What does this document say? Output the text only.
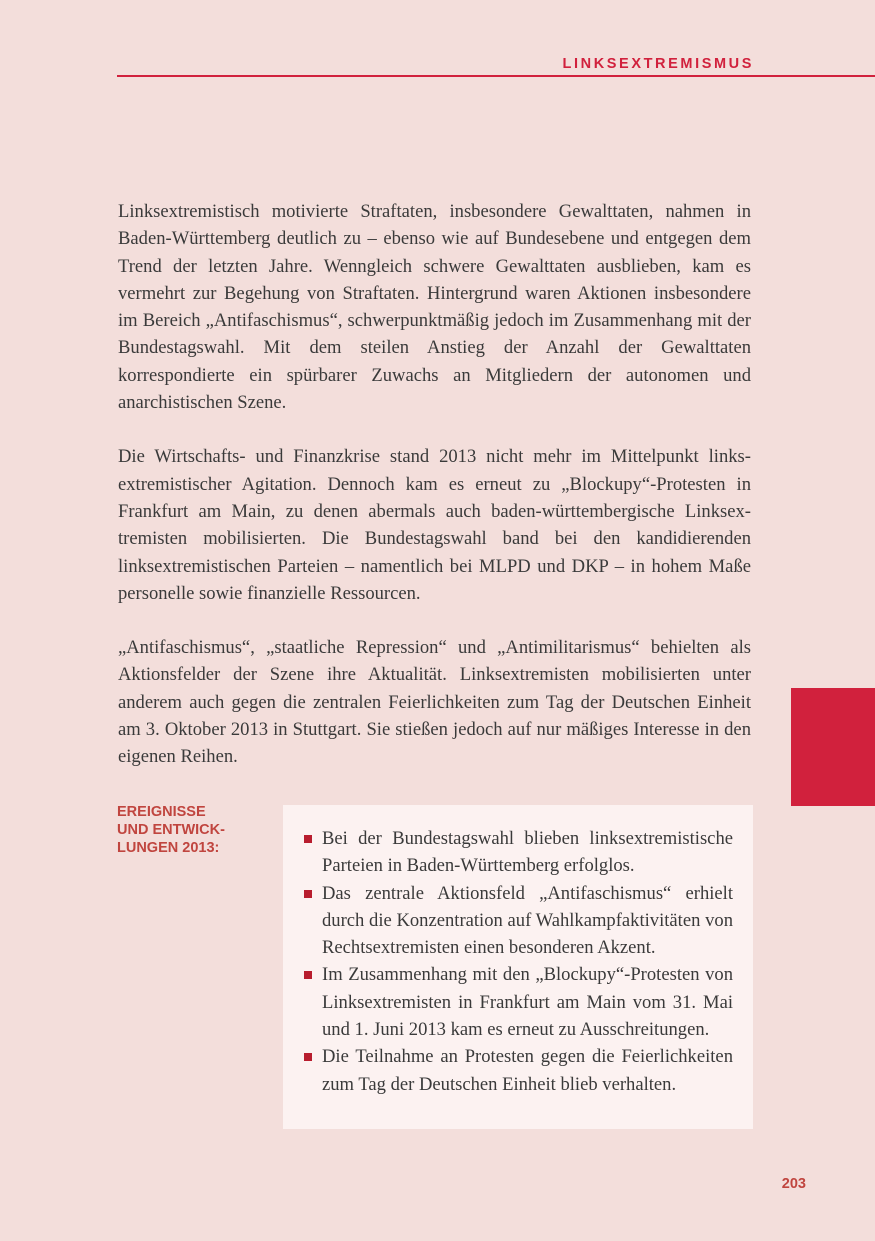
LINKSEXTREMISMUS

Linksextremistisch motivierte Straftaten, insbesondere Gewalttaten, nahmen in Baden-Württemberg deutlich zu – ebenso wie auf Bundesebene und entgegen dem Trend der letzten Jahre. Wenngleich schwere Gewalttaten ausblieben, kam es vermehrt zur Begehung von Straftaten. Hintergrund waren Aktionen insbesondere im Bereich „Antifaschismus“, schwerpunktmäßig jedoch im Zusammenhang mit der Bundestagswahl. Mit dem steilen Anstieg der Anzahl der Gewalttaten korrespondierte ein spürbarer Zuwachs an Mitgliedern der autonomen und anarchistischen Szene.

Die Wirtschafts- und Finanzkrise stand 2013 nicht mehr im Mittelpunkt linksextremistischer Agitation. Dennoch kam es erneut zu „Blockupy“-Protesten in Frankfurt am Main, zu denen abermals auch baden-württembergische Linksextremisten mobilisierten. Die Bundestagswahl band bei den kandidierenden linksextremistischen Parteien – namentlich bei MLPD und DKP – in hohem Maße personelle sowie finanzielle Ressourcen.

„Antifaschismus“, „staatliche Repression“ und „Antimilitarismus“ behielten als Aktionsfelder der Szene ihre Aktualität. Linksextremisten mobilisierten unter anderem auch gegen die zentralen Feierlichkeiten zum Tag der Deutschen Einheit am 3. Oktober 2013 in Stuttgart. Sie stießen jedoch auf nur mäßiges Interesse in den eigenen Reihen.

EREIGNISSE
UND ENTWICK-
LUNGEN 2013:	Bei der Bundestagswahl blieben linksextremistische Parteien in Baden-Württemberg erfolglos.
Das zentrale Aktionsfeld „Antifaschismus“ erhielt durch die Konzentration auf Wahlkampfaktivitäten von Rechtsextremisten einen besonderen Akzent.
Im Zusammenhang mit den „Blockupy“-Protesten von Linksextremisten in Frankfurt am Main vom 31. Mai und 1. Juni 2013 kam es erneut zu Ausschreitungen.
Die Teilnahme an Protesten gegen die Feierlichkeiten zum Tag der Deutschen Einheit blieb verhalten.
203
